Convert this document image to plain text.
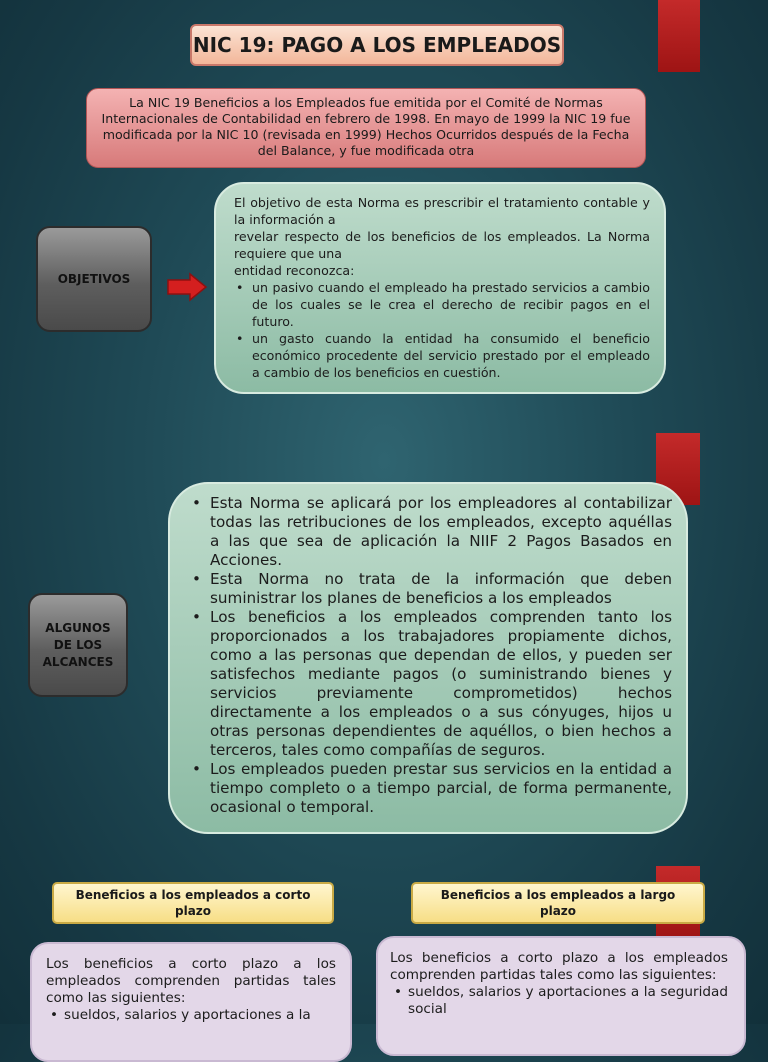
NIC 19: PAGO A LOS EMPLEADOS
La NIC 19 Beneficios a los Empleados fue emitida por el Comité de Normas Internacionales de Contabilidad en febrero de 1998. En mayo de 1999 la NIC 19 fue modificada por la NIC 10 (revisada en 1999) Hechos Ocurridos después de la Fecha del Balance, y fue modificada otra
OBJETIVOS
El objetivo de esta Norma es prescribir el tratamiento contable y la información a
revelar respecto de los beneficios de los empleados. La Norma requiere que una
entidad reconozca:
• un pasivo cuando el empleado ha prestado servicios a cambio de los cuales se le crea el derecho de recibir pagos en el futuro.
• un gasto cuando la entidad ha consumido el beneficio económico procedente del servicio prestado por el empleado a cambio de los beneficios en cuestión.
ALGUNOS
DE LOS
ALCANCES
• Esta Norma se aplicará por los empleadores al contabilizar todas las retribuciones de los empleados, excepto aquéllas a las que sea de aplicación la NIIF 2 Pagos Basados en Acciones.
• Esta Norma no trata de la información que deben suministrar los planes de beneficios a los empleados
• Los beneficios a los empleados comprenden tanto los proporcionados a los trabajadores propiamente dichos, como a las personas que dependan de ellos, y pueden ser satisfechos mediante pagos (o suministrando bienes y servicios previamente comprometidos) hechos directamente a los empleados o a sus cónyuges, hijos u otras personas dependientes de aquéllos, o bien hechos a terceros, tales como compañías de seguros.
• Los empleados pueden prestar sus servicios en la entidad a tiempo completo o a tiempo parcial, de forma permanente, ocasional o temporal.
Beneficios a los empleados a corto plazo
Los beneficios a corto plazo a los empleados comprenden partidas tales como las siguientes:
• sueldos, salarios y aportaciones a la
Beneficios a los empleados a largo plazo
Los beneficios a corto plazo a los empleados comprenden partidas tales como las siguientes:
• sueldos, salarios y aportaciones a la seguridad social
